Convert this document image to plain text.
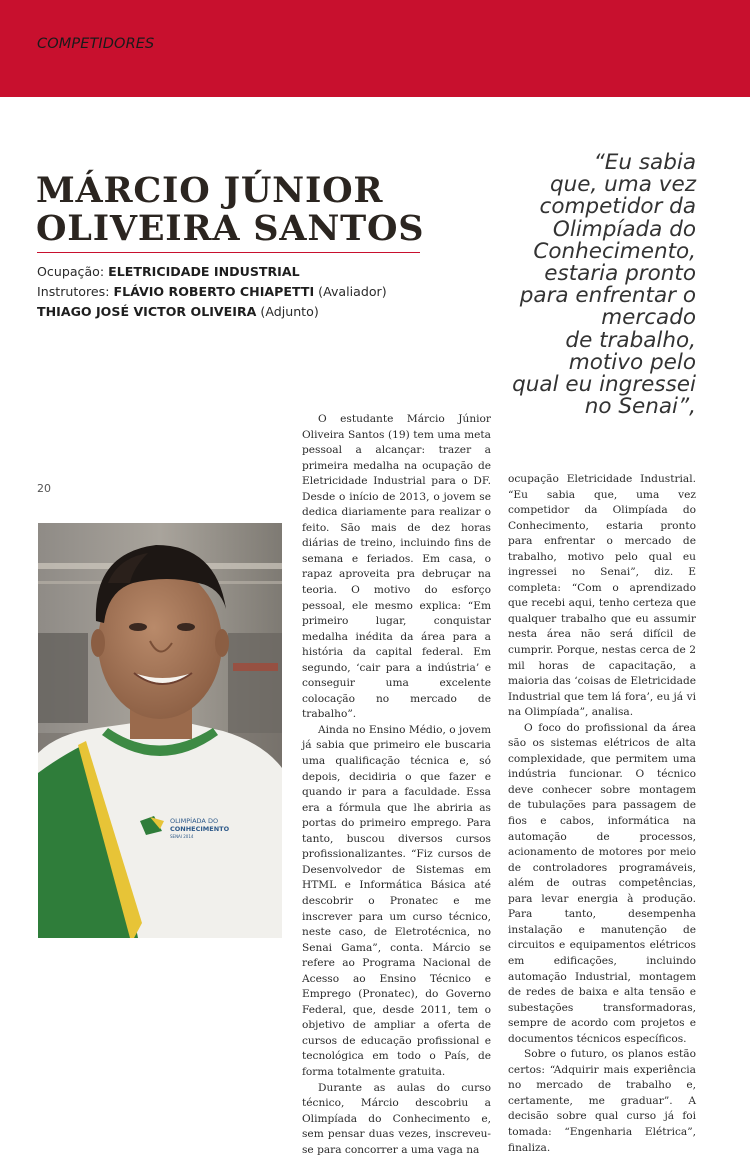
COMPETIDORES
MÁRCIO JÚNIOR
OLIVEIRA SANTOS
Ocupação: ELETRICIDADE INDUSTRIAL
Instrutores: FLÁVIO ROBERTO CHIAPETTI (Avaliador)
THIAGO JOSÉ VICTOR OLIVEIRA (Adjunto)
“Eu sabia
que, uma vez
competidor da
Olimpíada do
Conhecimento,
estaria pronto
para enfrentar o
mercado
de trabalho,
motivo pelo
qual eu ingressei
no Senai”,
20
OLIMPÍADA DO
CONHECIMENTO
SENAI 2014

O estudante Márcio Júnior Oliveira Santos (19) tem uma meta pessoal a alcançar: trazer a primeira medalha na ocupação de Eletricidade Industrial para o DF. Desde o início de 2013, o jovem se dedica diariamente para realizar o feito. São mais de dez horas diárias de treino, incluindo fins de semana e feriados. Em casa, o rapaz aproveita pra debruçar na teoria. O motivo do esforço pessoal, ele mesmo explica: “Em primeiro lugar, conquistar medalha inédita da área para a história da capital federal. Em segundo, ‘cair para a indústria’ e conseguir uma excelente colocação no mercado de trabalho”.

Ainda no Ensino Médio, o jovem já sabia que primeiro ele buscaria uma qualificação técnica e, só depois, decidiria o que fazer e quando ir para a faculdade. Essa era a fórmula que lhe abriria as portas do primeiro emprego. Para tanto, buscou diversos cursos profissionalizantes. “Fiz cursos de Desenvolvedor de Sistemas em HTML e Informática Básica até descobrir o Pronatec e me inscrever para um curso técnico, neste caso, de Eletrotécnica, no Senai Gama”, conta. Márcio se refere ao Programa Nacional de Acesso ao Ensino Técnico e Emprego (Pronatec), do Governo Federal, que, desde 2011, tem o objetivo de ampliar a oferta de cursos de educação profissional e tecnológica em todo o País, de forma totalmente gratuita.

Durante as aulas do curso técnico, Márcio descobriu a Olimpíada do Conhecimento e, sem pensar duas vezes, inscreveu-se para concorrer a uma vaga na

ocupação Eletricidade Industrial. “Eu sabia que, uma vez competidor da Olimpíada do Conhecimento, estaria pronto para enfrentar o mercado de trabalho, motivo pelo qual eu ingressei no Senai”, diz. E completa: “Com o aprendizado que recebi aqui, tenho certeza que qualquer trabalho que eu assumir nesta área não será difícil de cumprir. Porque, nestas cerca de 2 mil horas de capacitação, a maioria das ‘coisas de Eletricidade Industrial que tem lá fora’, eu já vi na Olimpíada”, analisa.

O foco do profissional da área são os sistemas elétricos de alta complexidade, que permitem uma indústria funcionar. O técnico deve conhecer sobre montagem de tubulações para passagem de fios e cabos, informática na automação de processos, acionamento de motores por meio de controladores programáveis, além de outras competências, para levar energia à produção. Para tanto, desempenha instalação e manutenção de circuitos e equipamentos elétricos em edificações, incluindo automação Industrial, montagem de redes de baixa e alta tensão e subestações transformadoras, sempre de acordo com projetos e documentos técnicos específicos.

Sobre o futuro, os planos estão certos: “Adquirir mais experiência no mercado de trabalho e, certamente, me graduar”. A decisão sobre qual curso já foi tomada: “Engenharia Elétrica”, finaliza.
